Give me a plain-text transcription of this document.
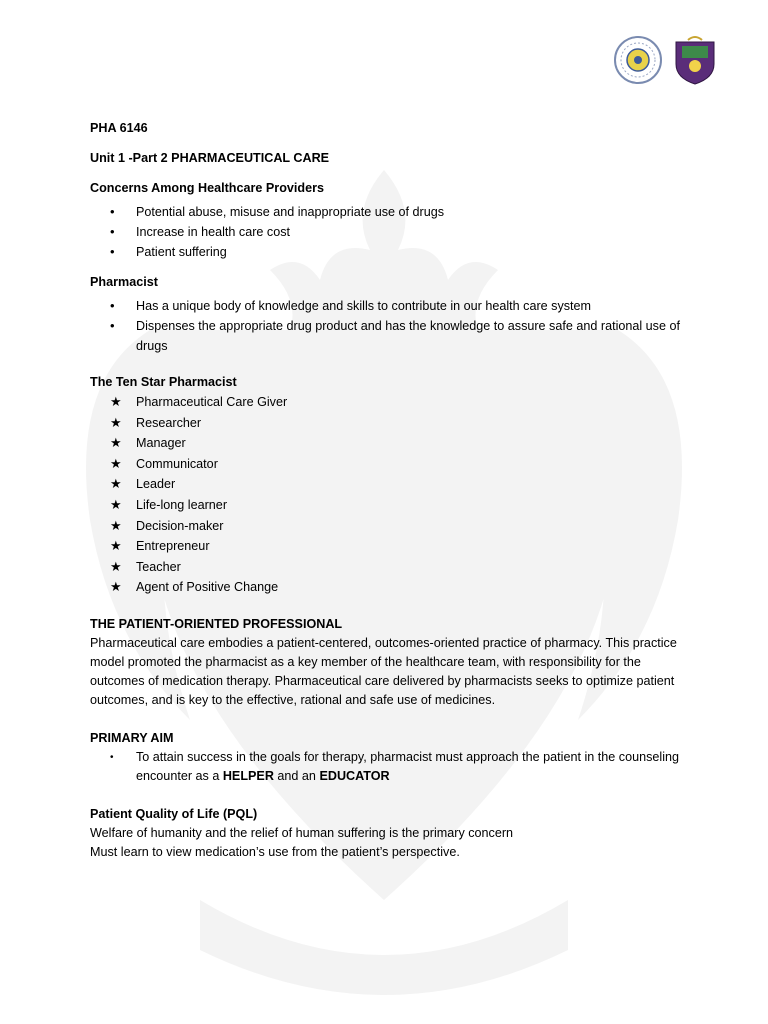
PHA 6146

Unit 1 -Part 2 PHARMACEUTICAL CARE

Concerns Among Healthcare Providers

•	Potential abuse, misuse and inappropriate use of drugs
•	Increase in health care cost
•	Patient suffering

Pharmacist

•	Has a unique body of knowledge and skills to contribute in our health care system
•	Dispenses the appropriate drug product and has the knowledge to assure safe and rational use of drugs

The Ten Star Pharmacist

★	Pharmaceutical Care Giver
★	Researcher
★	Manager
★	Communicator
★	Leader
★	Life-long learner
★	Decision-maker
★	Entrepreneur
★	Teacher
★	Agent of Positive Change

THE PATIENT-ORIENTED PROFESSIONAL

Pharmaceutical care embodies a patient-centered, outcomes-oriented practice of pharmacy. This practice model promoted the pharmacist as a key member of the healthcare team, with responsibility for the outcomes of medication therapy. Pharmaceutical care delivered by pharmacists seeks to optimize patient outcomes, and is key to the effective, rational and safe use of medicines.

PRIMARY AIM

•	To attain success in the goals for therapy, pharmacist must approach the patient in the counseling encounter as a HELPER and an EDUCATOR

Patient Quality of Life (PQL)

Welfare of humanity and the relief of human suffering is the primary concern

Must learn to view medication’s use from the patient’s perspective.
